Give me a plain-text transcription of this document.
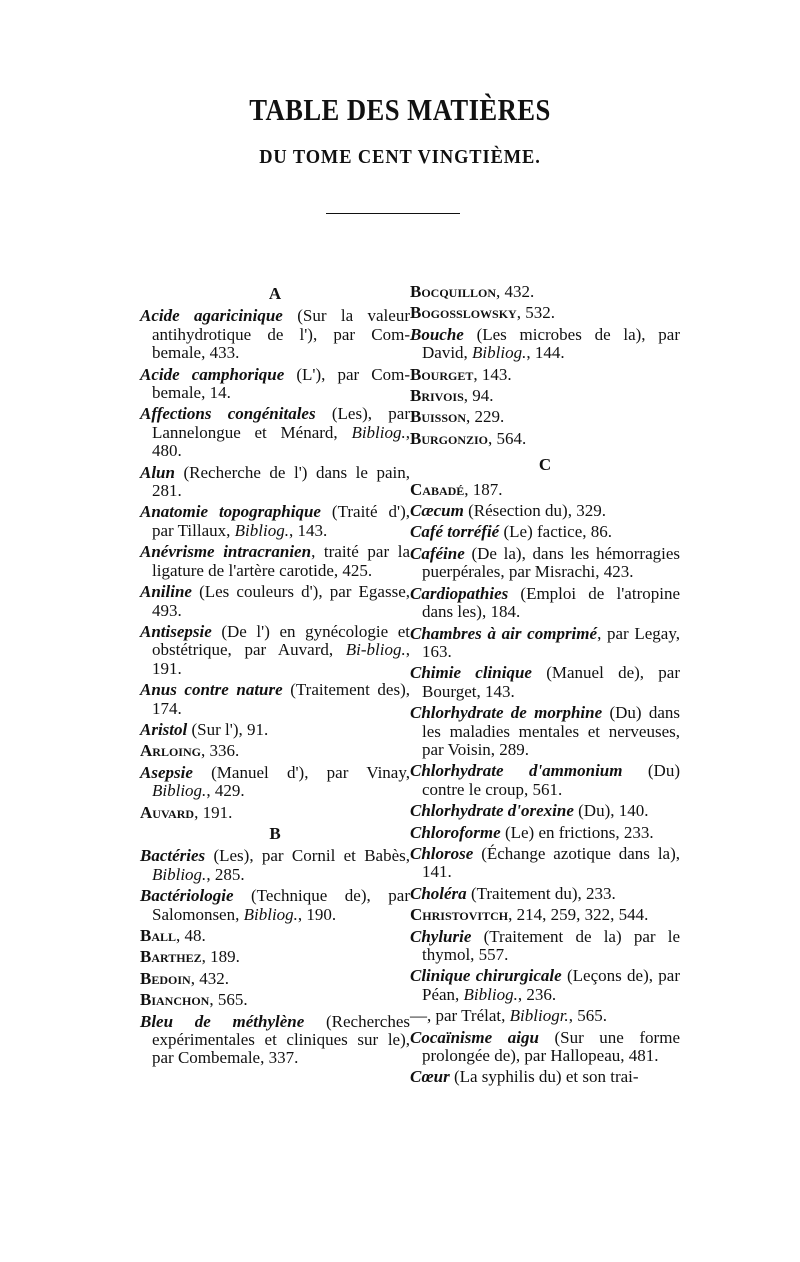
TABLE DES MATIÈRES
DU TOME CENT VINGTIÈME.
A
Acide agaricinique (Sur la valeur antihydrotique de l'), par Com-bemale, 433.
Acide camphorique (L'), par Com-bemale, 14.
Affections congénitales (Les), par Lannelongue et Ménard, Bibliog., 480.
Alun (Recherche de l') dans le pain, 281.
Anatomie topographique (Traité d'), par Tillaux, Bibliog., 143.
Anévrisme intracranien, traité par la ligature de l'artère carotide, 425.
Aniline (Les couleurs d'), par Egasse, 493.
Antisepsie (De l') en gynécologie et obstétrique, par Auvard, Bi-bliog., 191.
Anus contre nature (Traitement des), 174.
Aristol (Sur l'), 91.
Arloing, 336.
Asepsie (Manuel d'), par Vinay, Bibliog., 429.
Auvard, 191.
B
Bactéries (Les), par Cornil et Babès, Bibliog., 285.
Bactériologie (Technique de), par Salomonsen, Bibliog., 190.
Ball, 48.
Barthez, 189.
Bedoin, 432.
Bianchon, 565.
Bleu de méthylène (Recherches expérimentales et cliniques sur le), par Combemale, 337.
Bocquillon, 432.
Bogosslowsky, 532.
Bouche (Les microbes de la), par David, Bibliog., 144.
Bourget, 143.
Brivois, 94.
Buisson, 229.
Burgonzio, 564.
C
Cabadé, 187.
Cæcum (Résection du), 329.
Café torréfié (Le) factice, 86.
Caféine (De la), dans les hémorragies puerpérales, par Misrachi, 423.
Cardiopathies (Emploi de l'atropine dans les), 184.
Chambres à air comprimé, par Legay, 163.
Chimie clinique (Manuel de), par Bourget, 143.
Chlorhydrate de morphine (Du) dans les maladies mentales et nerveuses, par Voisin, 289.
Chlorhydrate d'ammonium (Du) contre le croup, 561.
Chlorhydrate d'orexine (Du), 140.
Chloroforme (Le) en frictions, 233.
Chlorose (Échange azotique dans la), 141.
Choléra (Traitement du), 233.
Christovitch, 214, 259, 322, 544.
Chylurie (Traitement de la) par le thymol, 557.
Clinique chirurgicale (Leçons de), par Péan, Bibliog., 236.
—, par Trélat, Bibliogr., 565.
Cocaïnisme aigu (Sur une forme prolongée de), par Hallopeau, 481.
Cœur (La syphilis du) et son trai-
